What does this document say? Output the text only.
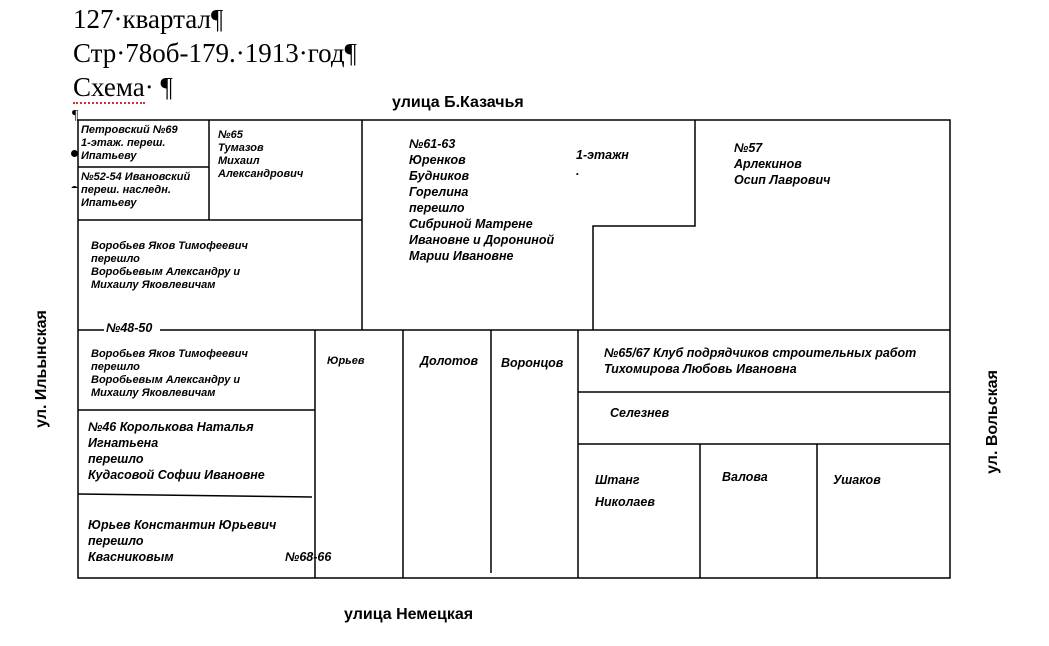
127·квартал¶
Стр·78об-179.·1913·год¶
Схема· ¶
¶
улица Б.Казачья
улица Немецкая
ул. Ильынская	ул. Вольская
Петровский №69
1-этаж. переш.
Ипатьеву
№52-54 Ивановский
переш. наследн.
Ипатьеву
№65
Тумазов
Михаил
Александрович
№61-63
Юренков
Будников
Горелина
перешло
Сибриной Матрене
Ивановне и Дорониной
Марии Ивановне
1-этажн
.
№57
Арлекинов
Осип Лаврович
Воробьев Яков Тимофеевич
перешло
Воробьевым Александру и
Михаилу Яковлевичам
№48-50
Воробьев Яков Тимофеевич
перешло
Воробьевым Александру и
Михаилу Яковлевичам
№46 Королькова Наталья
Игнатьена
перешло
Кудасовой Софии Ивановне
Юрьев Константин Юрьевич
перешло
Квасниковым	№68-66
Юрьев	Долотов Воронцов
№65/67 Клуб подрядчиков строительных работ
Тихомирова Любовь Ивановна
Селезнев
Штанг
Николаев
Валова	Ушаков
